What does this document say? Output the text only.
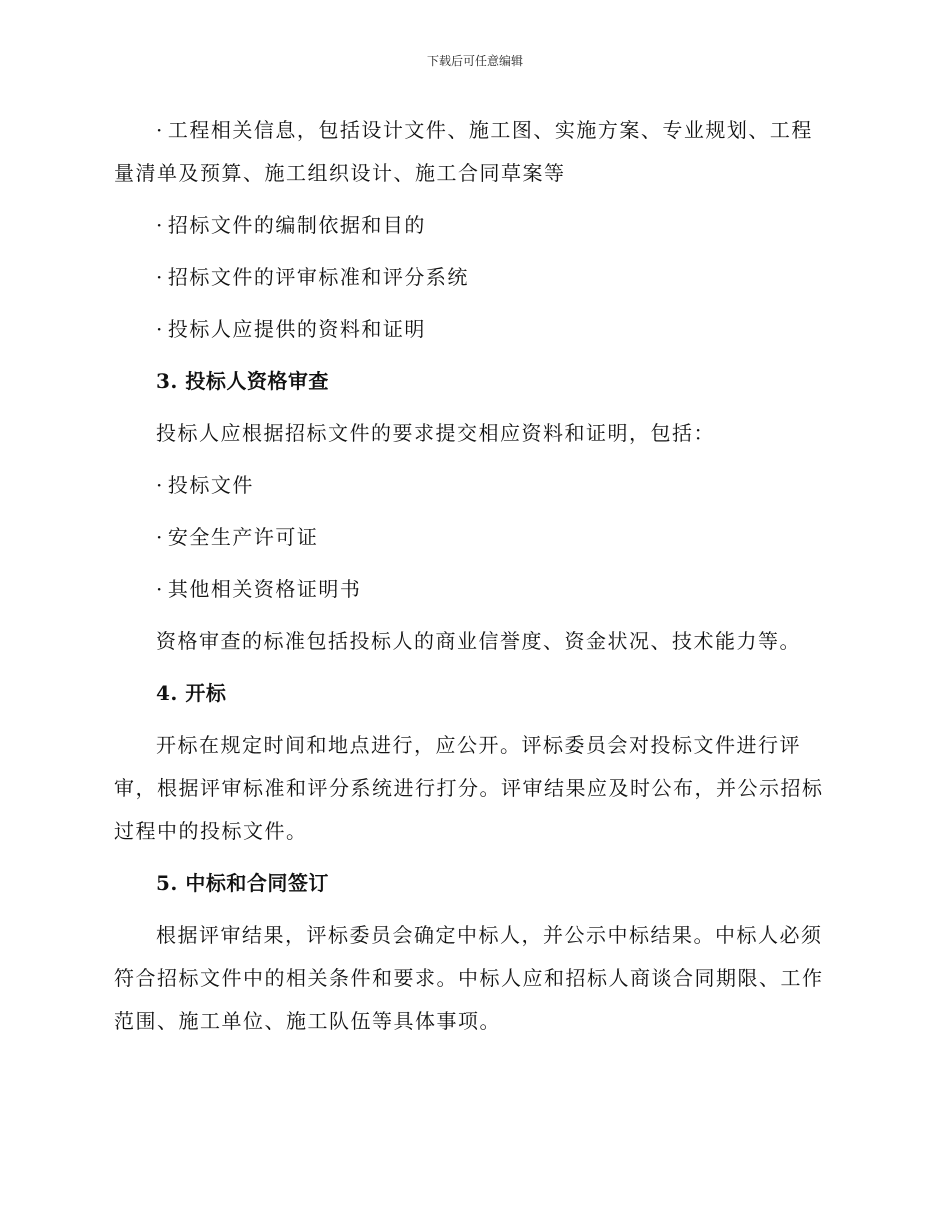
下载后可任意编辑

· 工程相关信息，包括设计文件、施工图、实施方案、专业规划、工程量清单及预算、施工组织设计、施工合同草案等

· 招标文件的编制依据和目的

· 招标文件的评审标准和评分系统

· 投标人应提供的资料和证明

3. 投标人资格审查

投标人应根据招标文件的要求提交相应资料和证明，包括：

· 投标文件

· 安全生产许可证

· 其他相关资格证明书

资格审查的标准包括投标人的商业信誉度、资金状况、技术能力等。

4. 开标

开标在规定时间和地点进行，应公开。评标委员会对投标文件进行评审，根据评审标准和评分系统进行打分。评审结果应及时公布，并公示招标过程中的投标文件。

5. 中标和合同签订

根据评审结果，评标委员会确定中标人，并公示中标结果。中标人必须符合招标文件中的相关条件和要求。中标人应和招标人商谈合同期限、工作范围、施工单位、施工队伍等具体事项。
